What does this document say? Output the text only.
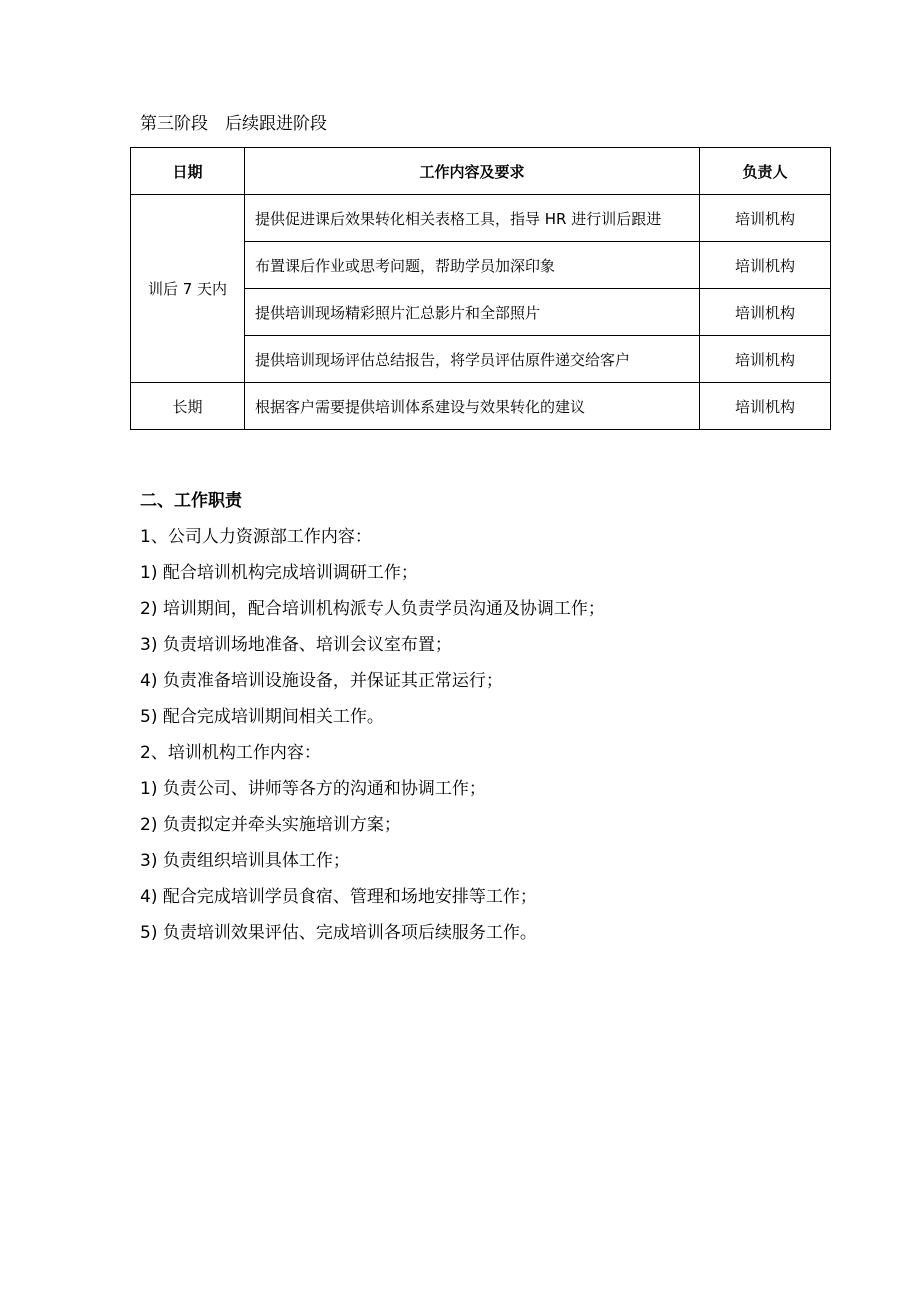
第三阶段　后续跟进阶段
日期	工作内容及要求	负责人
训后 7 天内	提供促进课后效果转化相关表格工具，指导 HR 进行训后跟进	培训机构
	布置课后作业或思考问题，帮助学员加深印象	培训机构
	提供培训现场精彩照片汇总影片和全部照片	培训机构
	提供培训现场评估总结报告，将学员评估原件递交给客户	培训机构
长期	根据客户需要提供培训体系建设与效果转化的建议	培训机构
二、工作职责
1、公司人力资源部工作内容：
1) 配合培训机构完成培训调研工作；
2) 培训期间，配合培训机构派专人负责学员沟通及协调工作；
3) 负责培训场地准备、培训会议室布置；
4) 负责准备培训设施设备，并保证其正常运行；
5) 配合完成培训期间相关工作。
2、培训机构工作内容：
1) 负责公司、讲师等各方的沟通和协调工作；
2) 负责拟定并牵头实施培训方案；
3) 负责组织培训具体工作；
4) 配合完成培训学员食宿、管理和场地安排等工作；
5) 负责培训效果评估、完成培训各项后续服务工作。
